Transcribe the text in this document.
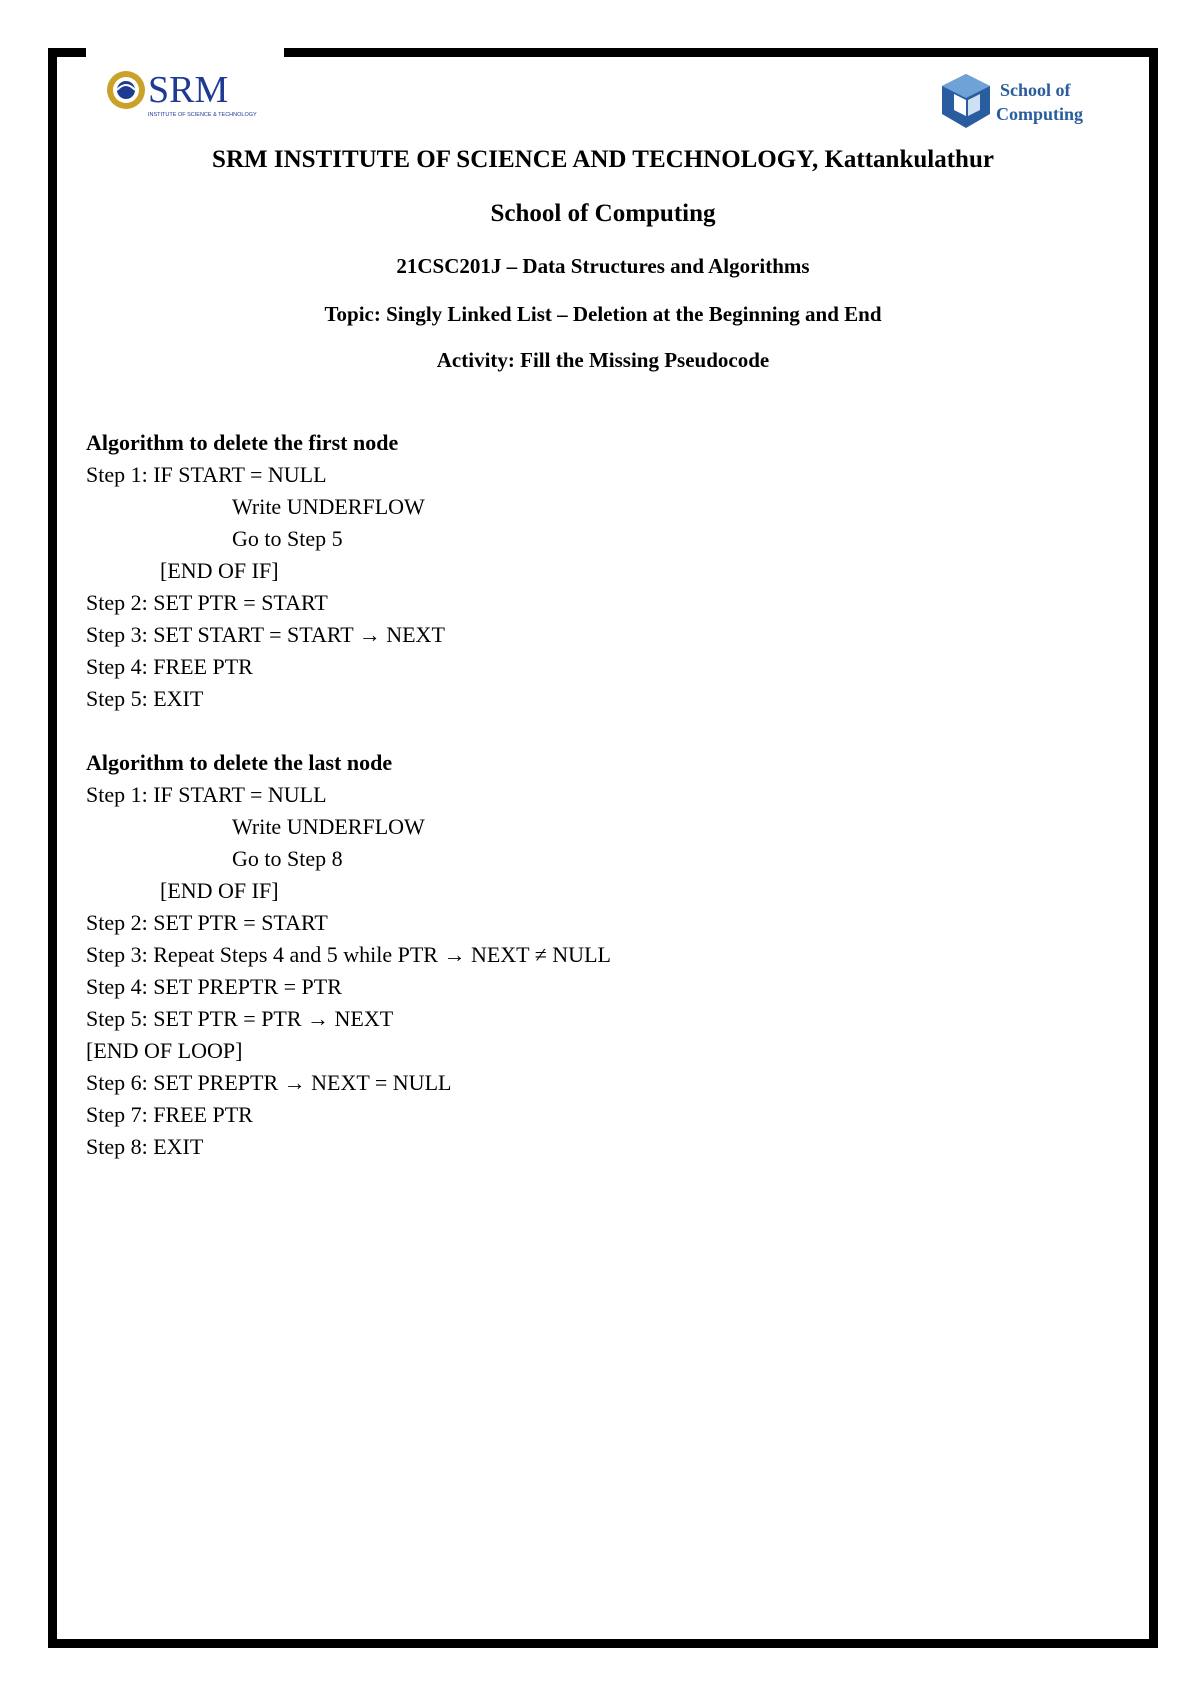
SRM
INSTITUTE OF SCIENCE & TECHNOLOGY
School of
Computing
SRM INSTITUTE OF SCIENCE AND TECHNOLOGY, Kattankulathur
School of Computing
21CSC201J – Data Structures and Algorithms
Topic: Singly Linked List – Deletion at the Beginning and End
Activity: Fill the Missing Pseudocode
Algorithm to delete the first node
Step 1: IF START = NULL
Write UNDERFLOW
Go to Step 5
[END OF IF]
Step 2: SET PTR = START
Step 3: SET START = START → NEXT
Step 4: FREE PTR
Step 5: EXIT
Algorithm to delete the last node
Step 1: IF START = NULL
Write UNDERFLOW
Go to Step 8
[END OF IF]
Step 2: SET PTR = START
Step 3: Repeat Steps 4 and 5 while PTR → NEXT ≠ NULL
Step 4: SET PREPTR = PTR
Step 5: SET PTR = PTR → NEXT
[END OF LOOP]
Step 6: SET PREPTR → NEXT = NULL
Step 7: FREE PTR
Step 8: EXIT
